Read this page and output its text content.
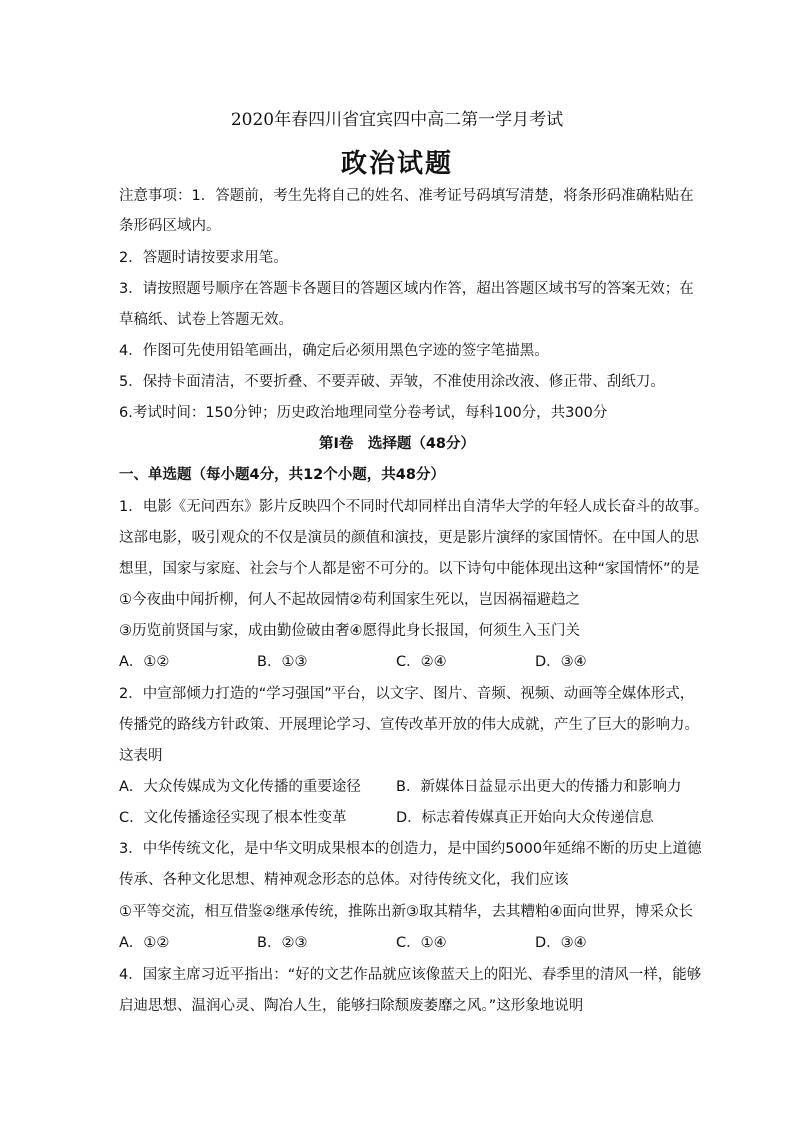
2020年春四川省宜宾四中高二第一学月考试
政治试题
注意事项：1．答题前，考生先将自己的姓名、准考证号码填写清楚，将条形码准确粘贴在
条形码区域内。
2．答题时请按要求用笔。
3．请按照题号顺序在答题卡各题目的答题区域内作答，超出答题区域书写的答案无效；在
草稿纸、试卷上答题无效。
4．作图可先使用铅笔画出，确定后必须用黑色字迹的签字笔描黑。
5．保持卡面清洁，不要折叠、不要弄破、弄皱，不准使用涂改液、修正带、刮纸刀。
6.考试时间：150分钟；历史政治地理同堂分卷考试，每科100分，共300分
第I卷　选择题（48分）
一、单选题（每小题4分，共12个小题，共48分）
1．电影《无问西东》影片反映四个不同时代却同样出自清华大学的年轻人成长奋斗的故事。
这部电影，吸引观众的不仅是演员的颜值和演技，更是影片演绎的家国情怀。在中国人的思
想里，国家与家庭、社会与个人都是密不可分的。以下诗句中能体现出这种“家国情怀”的是
①今夜曲中闻折柳，何人不起故园情②苟利国家生死以，岂因祸福避趋之
③历览前贤国与家，成由勤俭破由奢④愿得此身长报国，何须生入玉门关
A．①②	B．①③	C．②④	D．③④
2．中宣部倾力打造的“学习强国”平台，以文字、图片、音频、视频、动画等全媒体形式，
传播党的路线方针政策、开展理论学习、宣传改革开放的伟大成就，产生了巨大的影响力。
这表明
A．大众传媒成为文化传播的重要途径 B．新媒体日益显示出更大的传播力和影响力
C．文化传播途径实现了根本性变革	D．标志着传媒真正开始向大众传递信息
3．中华传统文化，是中华文明成果根本的创造力，是中国约5000年延绵不断的历史上道德
传承、各种文化思想、精神观念形态的总体。对待传统文化，我们应该
①平等交流，相互借鉴②继承传统，推陈出新③取其精华，去其糟粕④面向世界，博采众长
A．①②	B．②③	C．①④	D．③④
4．国家主席习近平指出：“好的文艺作品就应该像蓝天上的阳光、春季里的清风一样，能够
启迪思想、温润心灵、陶冶人生，能够扫除颓废萎靡之风。”这形象地说明
